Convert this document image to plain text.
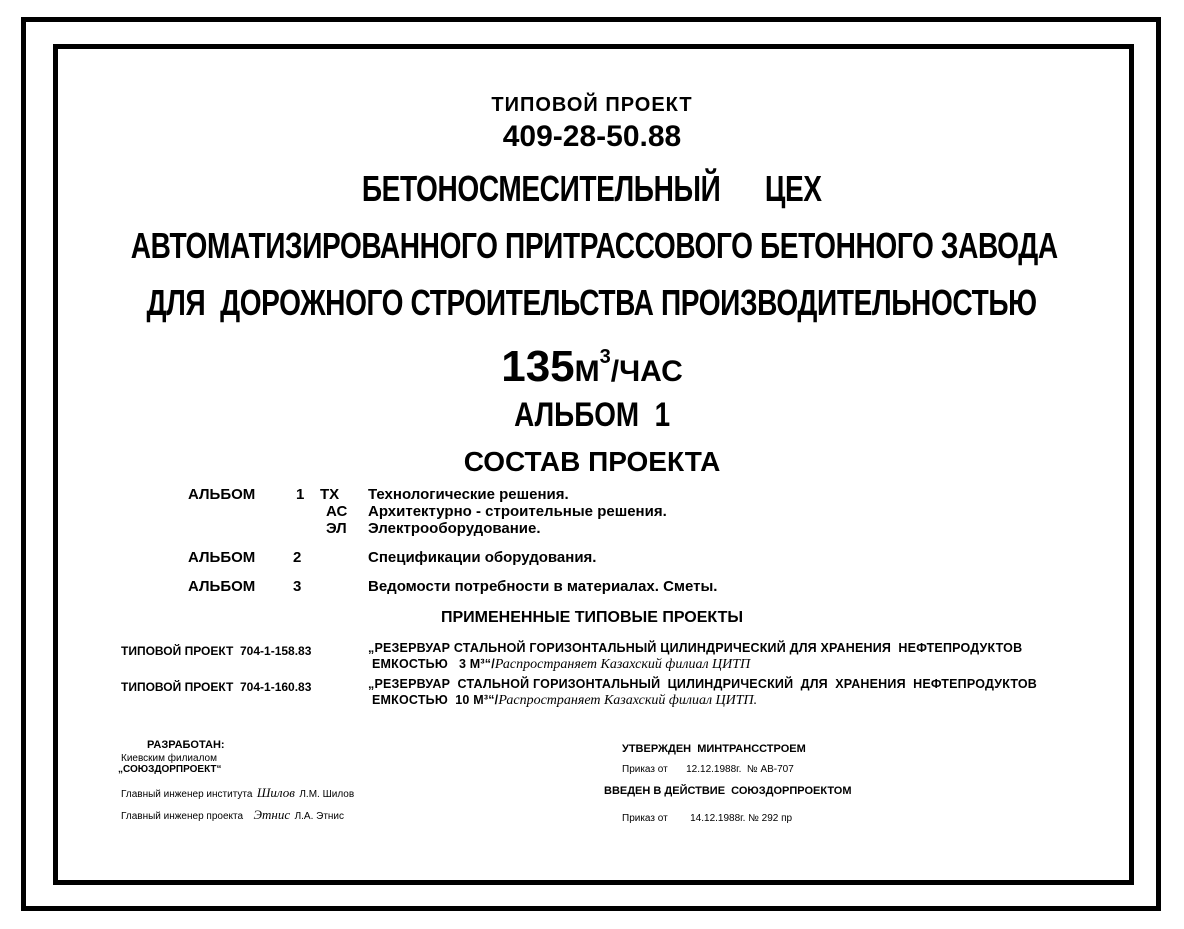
ТИПОВОЙ ПРОЕКТ
409-28-50.88
БЕТОНОСМЕСИТЕЛЬНЫЙ      ЦЕХ
АВТОМАТИЗИРОВАННОГО ПРИТРАССОВОГО БЕТОННОГО ЗАВОДА
ДЛЯ  ДОРОЖНОГО СТРОИТЕЛЬСТВА ПРОИЗВОДИТЕЛЬНОСТЬЮ
$135М^3$/ЧАС
АЛЬБОМ  1
СОСТАВ ПРОЕКТА
АЛЬБОМ	1 ТХ Технологические решения.
АС Архитектурно - строительные решения.
ЭЛ Электрооборудование.
АЛЬБОМ	2	Спецификации оборудования.
АЛЬБОМ	3	Ведомости потребности в материалах. Сметы.
ПРИМЕНЕННЫЕ ТИПОВЫЕ ПРОЕКТЫ
ТИПОВОЙ ПРОЕКТ  704-1-158.83	„РЕЗЕРВУАР СТАЛЬНОЙ ГОРИЗОНТАЛЬНЫЙ ЦИЛИНДРИЧЕСКИЙ ДЛЯ ХРАНЕНИЯ  НЕФТЕПРОДУКТОВ
ЕМКОСТЬЮ   3 М³“/Распространяет Казахский филиал ЦИТП
ТИПОВОЙ ПРОЕКТ  704-1-160.83	„РЕЗЕРВУАР  СТАЛЬНОЙ ГОРИЗОНТАЛЬНЫЙ  ЦИЛИНДРИЧЕСКИЙ  ДЛЯ  ХРАНЕНИЯ  НЕФТЕПРОДУКТОВ
ЕМКОСТЬЮ  10 М³“/Распространяет Казахский филиал ЦИТП.
РАЗРАБОТАН:
Киевским филиалом
„СОЮЗДОРПРОЕКТ“
Главный инженер института Шилов Л.М. Шилов
Главный инженер проекта Этнис Л.А. Этнис
УТВЕРЖДЕН  МИНТРАНССТРОЕМ
Приказ от 12.12.1988г.  № АВ-707
ВВЕДЕН В ДЕЙСТВИЕ  СОЮЗДОРПРОЕКТОМ
Приказ от 14.12.1988г. № 292 пр
